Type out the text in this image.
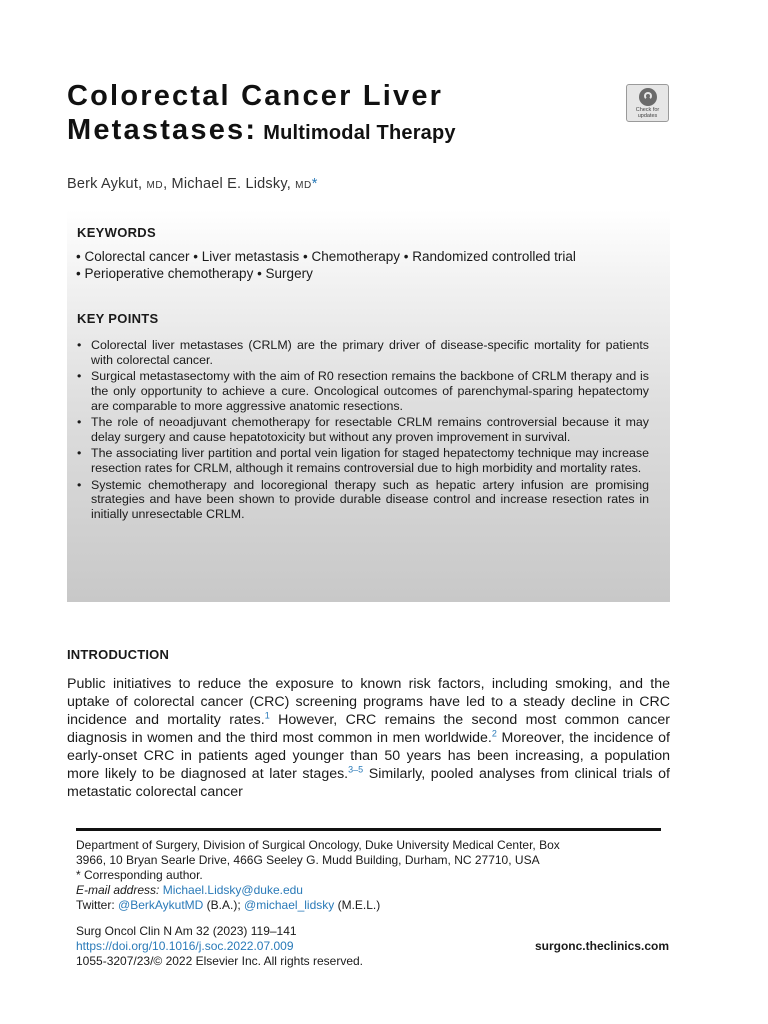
Colorectal Cancer Liver
Metastases: Multimodal Therapy
Check for
updates
Berk Aykut, MD, Michael E. Lidsky, MD*
KEYWORDS
• Colorectal cancer • Liver metastasis • Chemotherapy • Randomized controlled trial
• Perioperative chemotherapy • Surgery
KEY POINTS
• Colorectal liver metastases (CRLM) are the primary driver of disease-specific mortality for patients with colorectal cancer.
• Surgical metastasectomy with the aim of R0 resection remains the backbone of CRLM therapy and is the only opportunity to achieve a cure. Oncological outcomes of parenchymal-sparing hepatectomy are comparable to more aggressive anatomic resections.
• The role of neoadjuvant chemotherapy for resectable CRLM remains controversial because it may delay surgery and cause hepatotoxicity but without any proven improvement in survival.
• The associating liver partition and portal vein ligation for staged hepatectomy technique may increase resection rates for CRLM, although it remains controversial due to high morbidity and mortality rates.
• Systemic chemotherapy and locoregional therapy such as hepatic artery infusion are promising strategies and have been shown to provide durable disease control and increase resection rates in initially unresectable CRLM.
INTRODUCTION

Public initiatives to reduce the exposure to known risk factors, including smoking, and the uptake of colorectal cancer (CRC) screening programs have led to a steady decline in CRC incidence and mortality rates.$^1$ However, CRC remains the second most common cancer diagnosis in women and the third most common in men worldwide.$^2$ Moreover, the incidence of early-onset CRC in patients aged younger than 50 years has been increasing, a population more likely to be diagnosed at later stages.$^{3-5}$ Similarly, pooled analyses from clinical trials of metastatic colorectal cancer

Department of Surgery, Division of Surgical Oncology, Duke University Medical Center, Box
3966, 10 Bryan Searle Drive, 466G Seeley G. Mudd Building, Durham, NC 27710, USA
* Corresponding author.
E-mail address: Michael.Lidsky@duke.edu
Twitter: @BerkAykutMD (B.A.); @michael_lidsky (M.E.L.)
Surg Oncol Clin N Am 32 (2023) 119–141
https://doi.org/10.1016/j.soc.2022.07.009
1055-3207/23/© 2022 Elsevier Inc. All rights reserved.
surgonc.theclinics.com
